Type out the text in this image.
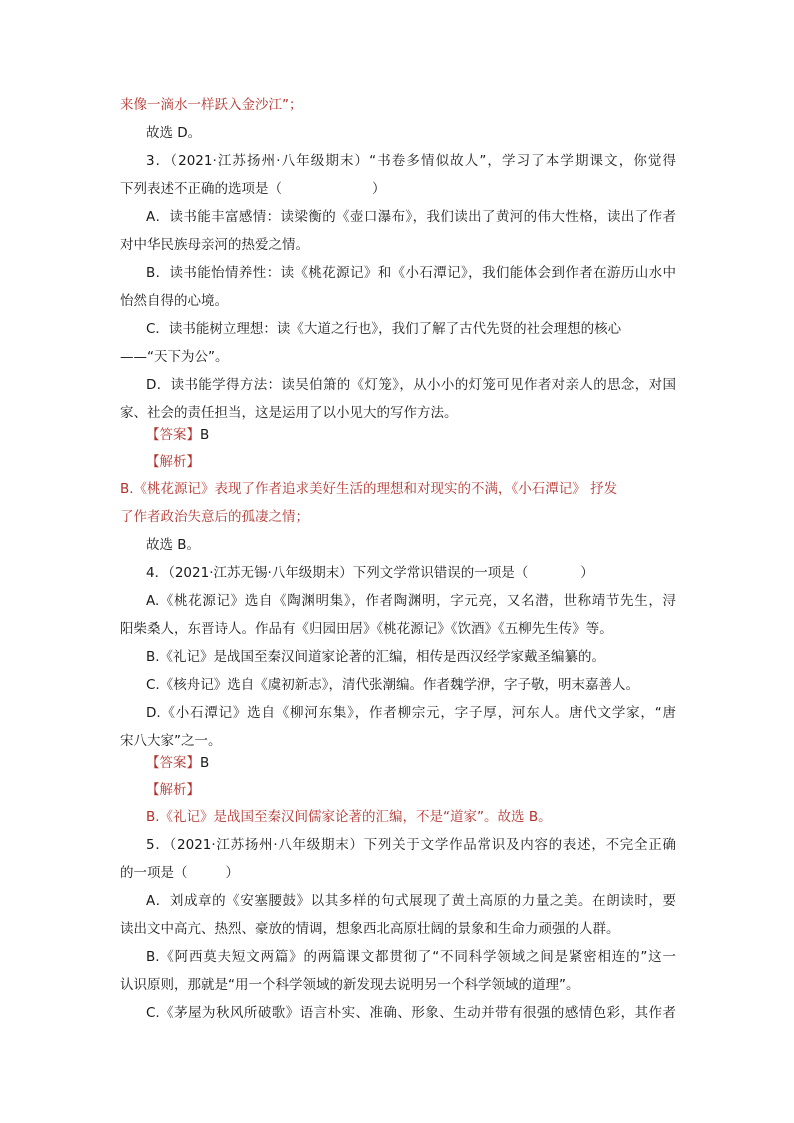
来像一滴水一样跃入金沙江”；
故选 D。
3．（2021·江苏扬州·八年级期末）“书卷多情似故人”，学习了本学期课文，你觉得
下列表述不正确的选项是（	）
A．读书能丰富感情：读梁衡的《壶口瀑布》，我们读出了黄河的伟大性格，读出了作者
对中华民族母亲河的热爱之情。
B．读书能怡情养性：读《桃花源记》和《小石潭记》，我们能体会到作者在游历山水中
怡然自得的心境。
C．读书能树立理想：读《大道之行也》，我们了解了古代先贤的社会理想的核心
——“天下为公”。
D．读书能学得方法：读吴伯箫的《灯笼》，从小小的灯笼可见作者对亲人的思念，对国
家、社会的责任担当，这是运用了以小见大的写作方法。
【答案】B
【解析】
B.《桃花源记》表现了作者追求美好生活的理想和对现实的不满，《小石潭记》 抒发
了作者政治失意后的孤凄之情；
故选 B。
4．（2021·江苏无锡·八年级期末）下列文学常识错误的一项是（	）
A.《桃花源记》选自《陶渊明集》，作者陶渊明，字元亮，又名潜，世称靖节先生，浔
阳柴桑人，东晋诗人。作品有《归园田居》《桃花源记》《饮酒》《五柳先生传》等。
B.《礼记》是战国至秦汉间道家论著的汇编，相传是西汉经学家戴圣编纂的。
C.《核舟记》选自《虞初新志》，清代张潮编。作者魏学洢，字子敬，明末嘉善人。
D.《小石潭记》选自《柳河东集》，作者柳宗元，字子厚，河东人。唐代文学家，“唐
宋八大家”之一。
【答案】B
【解析】
B.《礼记》是战国至秦汉间儒家论著的汇编，不是“道家”。故选 B。
5．（2021·江苏扬州·八年级期末）下列关于文学作品常识及内容的表述，不完全正确
的一项是（	）
A．刘成章的《安塞腰鼓》以其多样的句式展现了黄土高原的力量之美。在朗读时，要
读出文中高亢、热烈、豪放的情调，想象西北高原壮阔的景象和生命力顽强的人群。
B.《阿西莫夫短文两篇》的两篇课文都贯彻了“不同科学领域之间是紧密相连的”这一
认识原则，那就是“用一个科学领域的新发现去说明另一个科学领域的道理”。
C.《茅屋为秋风所破歌》语言朴实、准确、形象、生动并带有很强的感情色彩，其作者
